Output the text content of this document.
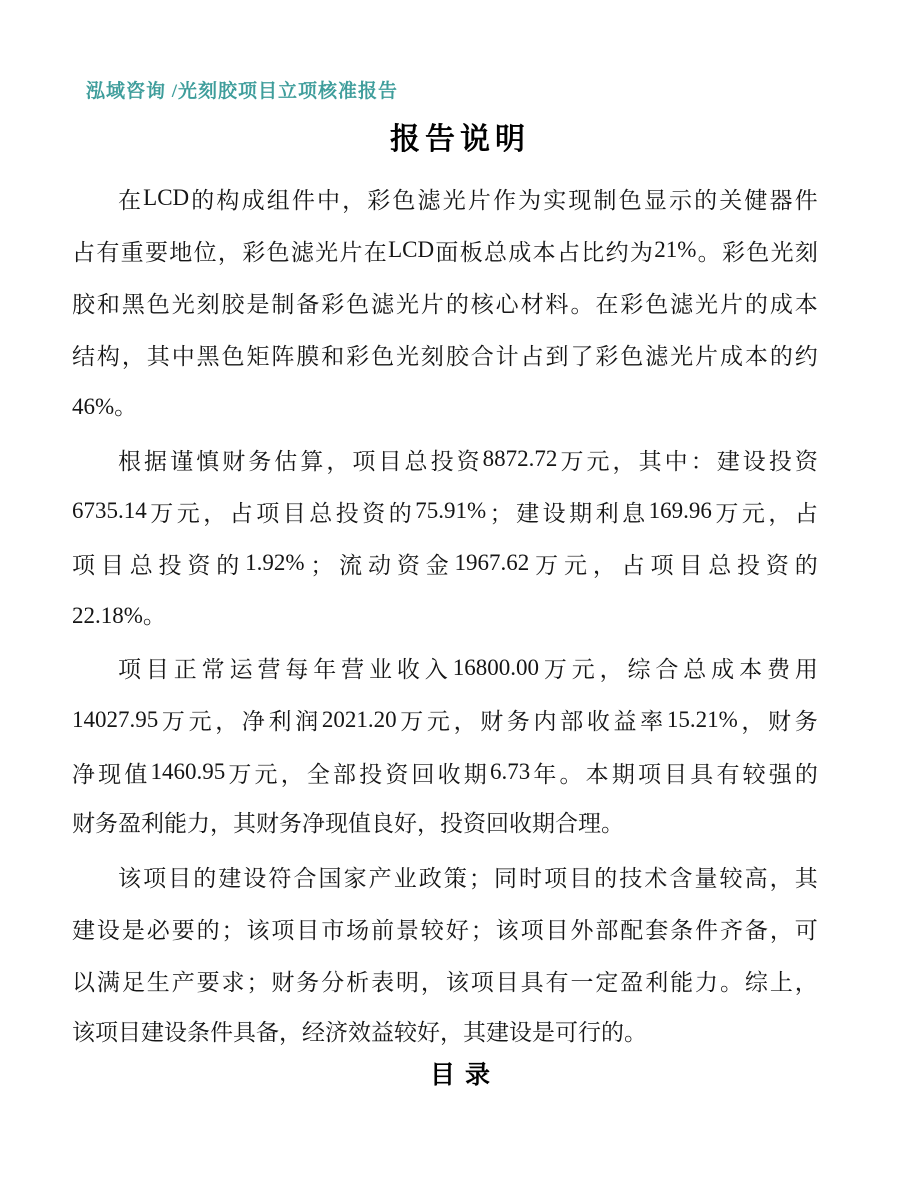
泓域咨询 /光刻胶项目立项核准报告

报告说明
在 LCD 的 构 成 组 件 中 ， 彩 色 滤 光 片 作 为 实 现 制 色 显 示 的 关 健 器 件
占 有 重 要 地 位 ， 彩 色 滤 光 片 在 LCD 面 板 总 成 本 占 比 约 为 21% 。 彩 色 光 刻
胶 和 黑 色 光 刻 胶 是 制 备 彩 色 滤 光 片 的 核 心 材 料 。 在 彩 色 滤 光 片 的 成 本
结 构 ， 其 中 黑 色 矩 阵 膜 和 彩 色 光 刻 胶 合 计 占 到 了 彩 色 滤 光 片 成 本 的 约
46%。
根 据 谨 慎 财 务 估 算 ， 项 目 总 投 资 8872.72 万 元 ， 其 中 ： 建 设 投 资
6735.14 万 元 ， 占 项 目 总 投 资 的 75.91% ； 建 设 期 利 息 169.96 万 元 ， 占
项 目 总 投 资 的 1.92% ； 流 动 资 金 1967.62 万 元 ， 占 项 目 总 投 资 的
22.18%。
项 目 正 常 运 营 每 年 营 业 收 入 16800.00 万 元 ， 综 合 总 成 本 费 用
14027.95 万 元 ， 净 利 润 2021.20 万 元 ， 财 务 内 部 收 益 率 15.21% ， 财 务
净 现 值 1460.95 万 元 ， 全 部 投 资 回 收 期 6.73 年 。 本 期 项 目 具 有 较 强 的
财务盈利能力，其财务净现值良好，投资回收期合理。
该 项 目 的 建 设 符 合 国 家 产 业 政 策 ； 同 时 项 目 的 技 术 含 量 较 高 ， 其
建 设 是 必 要 的 ； 该 项 目 市 场 前 景 较 好 ； 该 项 目 外 部 配 套 条 件 齐 备 ， 可
以 满 足 生 产 要 求 ； 财 务 分 析 表 明 ， 该 项 目 具 有 一 定 盈 利 能 力 。 综 上 ，
该项目建设条件具备，经济效益较好，其建设是可行的。
目录
